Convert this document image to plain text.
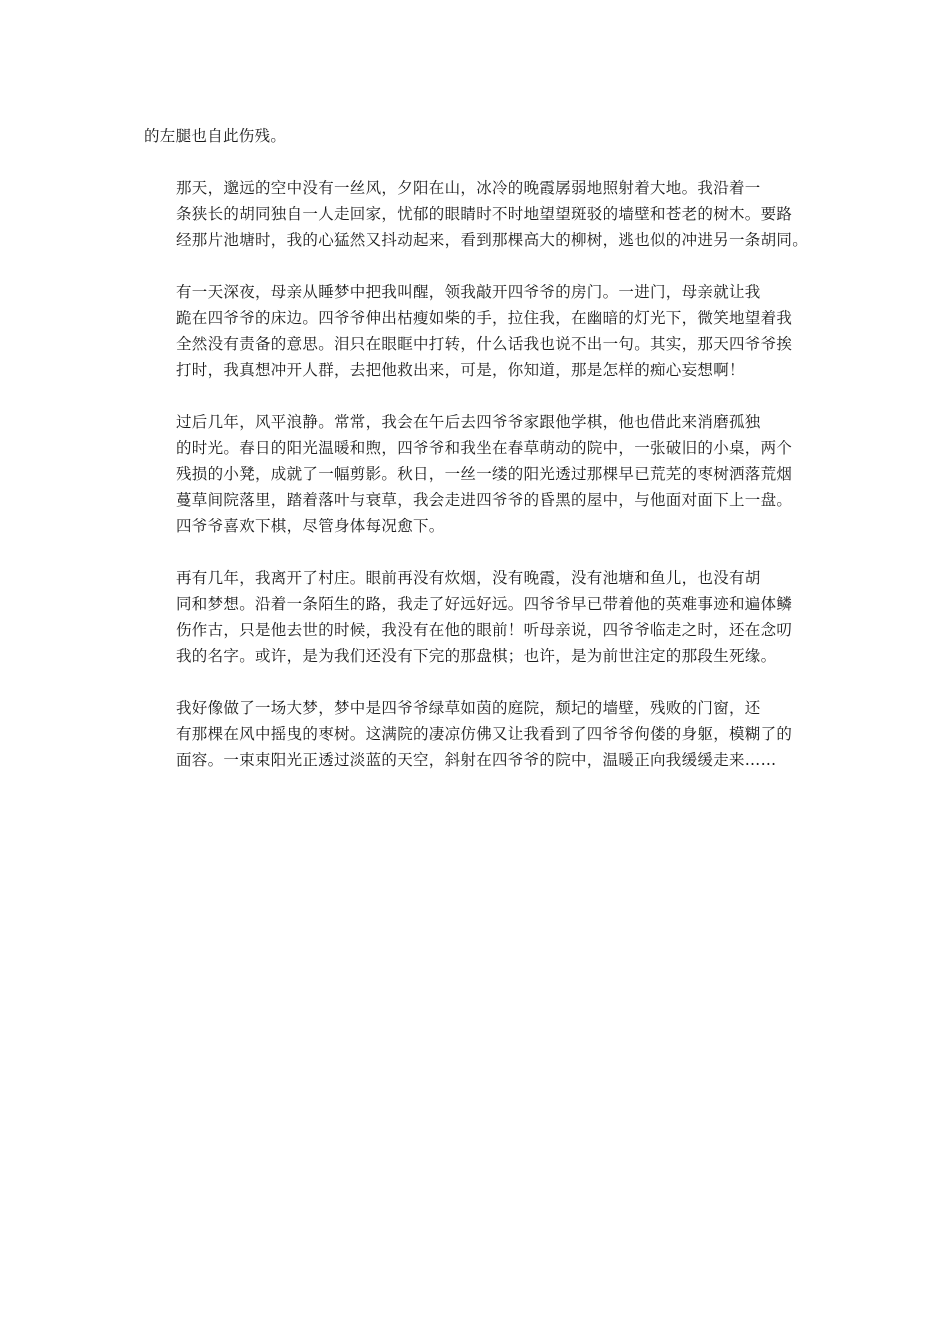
的左腿也自此伤残。

那天，邈远的空中没有一丝风，夕阳在山，冰冷的晚霞孱弱地照射着大地。我沿着一
条狭长的胡同独自一人走回家，忧郁的眼睛时不时地望望斑驳的墙壁和苍老的树木。要路
经那片池塘时，我的心猛然又抖动起来，看到那棵高大的柳树，逃也似的冲进另一条胡同。

有一天深夜，母亲从睡梦中把我叫醒，领我敲开四爷爷的房门。一进门，母亲就让我
跪在四爷爷的床边。四爷爷伸出枯瘦如柴的手，拉住我，在幽暗的灯光下，微笑地望着我
全然没有责备的意思。泪只在眼眶中打转，什么话我也说不出一句。其实，那天四爷爷挨
打时，我真想冲开人群，去把他救出来，可是，你知道，那是怎样的痴心妄想啊！

过后几年，风平浪静。常常，我会在午后去四爷爷家跟他学棋，他也借此来消磨孤独
的时光。春日的阳光温暖和煦，四爷爷和我坐在春草萌动的院中，一张破旧的小桌，两个
残损的小凳，成就了一幅剪影。秋日，一丝一缕的阳光透过那棵早已荒芜的枣树洒落荒烟
蔓草间院落里，踏着落叶与衰草，我会走进四爷爷的昏黑的屋中，与他面对面下上一盘。
四爷爷喜欢下棋，尽管身体每况愈下。

再有几年，我离开了村庄。眼前再没有炊烟，没有晚霞，没有池塘和鱼儿，也没有胡
同和梦想。沿着一条陌生的路，我走了好远好远。四爷爷早已带着他的英难事迹和遍体鳞
伤作古，只是他去世的时候，我没有在他的眼前！听母亲说，四爷爷临走之时，还在念叨
我的名字。或许，是为我们还没有下完的那盘棋；也许，是为前世注定的那段生死缘。

我好像做了一场大梦，梦中是四爷爷绿草如茵的庭院，颓圮的墙壁，残败的门窗，还
有那棵在风中摇曳的枣树。这满院的凄凉仿佛又让我看到了四爷爷佝偻的身躯，模糊了的
面容。一束束阳光正透过淡蓝的天空，斜射在四爷爷的院中，温暖正向我缓缓走来……
